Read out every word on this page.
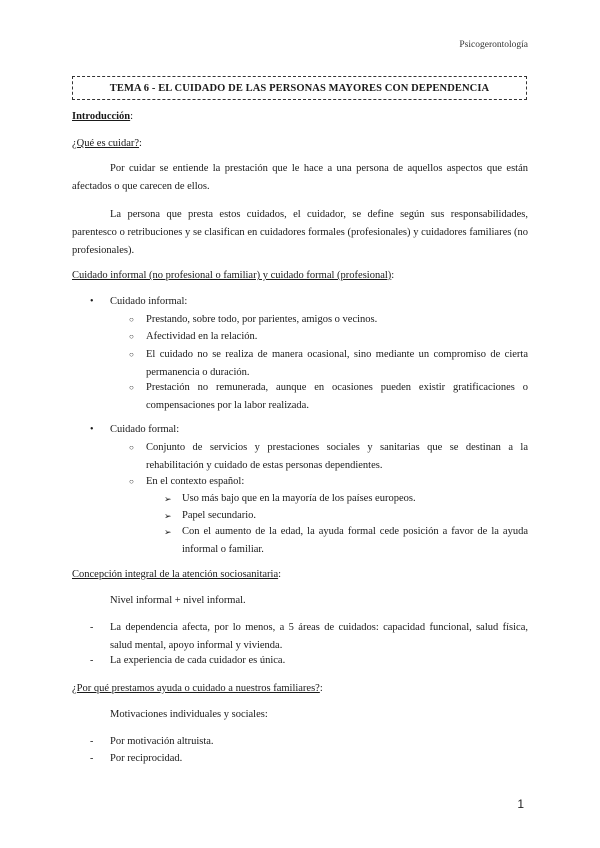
Psicogerontología
TEMA 6 - EL CUIDADO DE LAS PERSONAS MAYORES CON DEPENDENCIA
Introducción:
¿Qué es cuidar?:
Por cuidar se entiende la prestación que le hace a una persona de aquellos aspectos que están afectados o que carecen de ellos.
La persona que presta estos cuidados, el cuidador, se define según sus responsabilidades, parentesco o retribuciones y se clasifican en cuidadores formales (profesionales) y cuidadores familiares (no profesionales).
Cuidado informal (no profesional o familiar) y cuidado formal (profesional):
• Cuidado informal:
○ Prestando, sobre todo, por parientes, amigos o vecinos.
○ Afectividad en la relación.
○ El cuidado no se realiza de manera ocasional, sino mediante un compromiso de cierta permanencia o duración.
○ Prestación no remunerada, aunque en ocasiones pueden existir gratificaciones o compensaciones por la labor realizada.
• Cuidado formal:
○ Conjunto de servicios y prestaciones sociales y sanitarias que se destinan a la rehabilitación y cuidado de estas personas dependientes.
○ En el contexto español:
➢ Uso más bajo que en la mayoría de los países europeos.
➢ Papel secundario.
➢ Con el aumento de la edad, la ayuda formal cede posición a favor de la ayuda informal o familiar.
Concepción integral de la atención sociosanitaria:
Nivel informal + nivel informal.
- La dependencia afecta, por lo menos, a 5 áreas de cuidados: capacidad funcional, salud física, salud mental, apoyo informal y vivienda.
- La experiencia de cada cuidador es única.
¿Por qué prestamos ayuda o cuidado a nuestros familiares?:
Motivaciones individuales y sociales:
- Por motivación altruista.
- Por reciprocidad.
1
